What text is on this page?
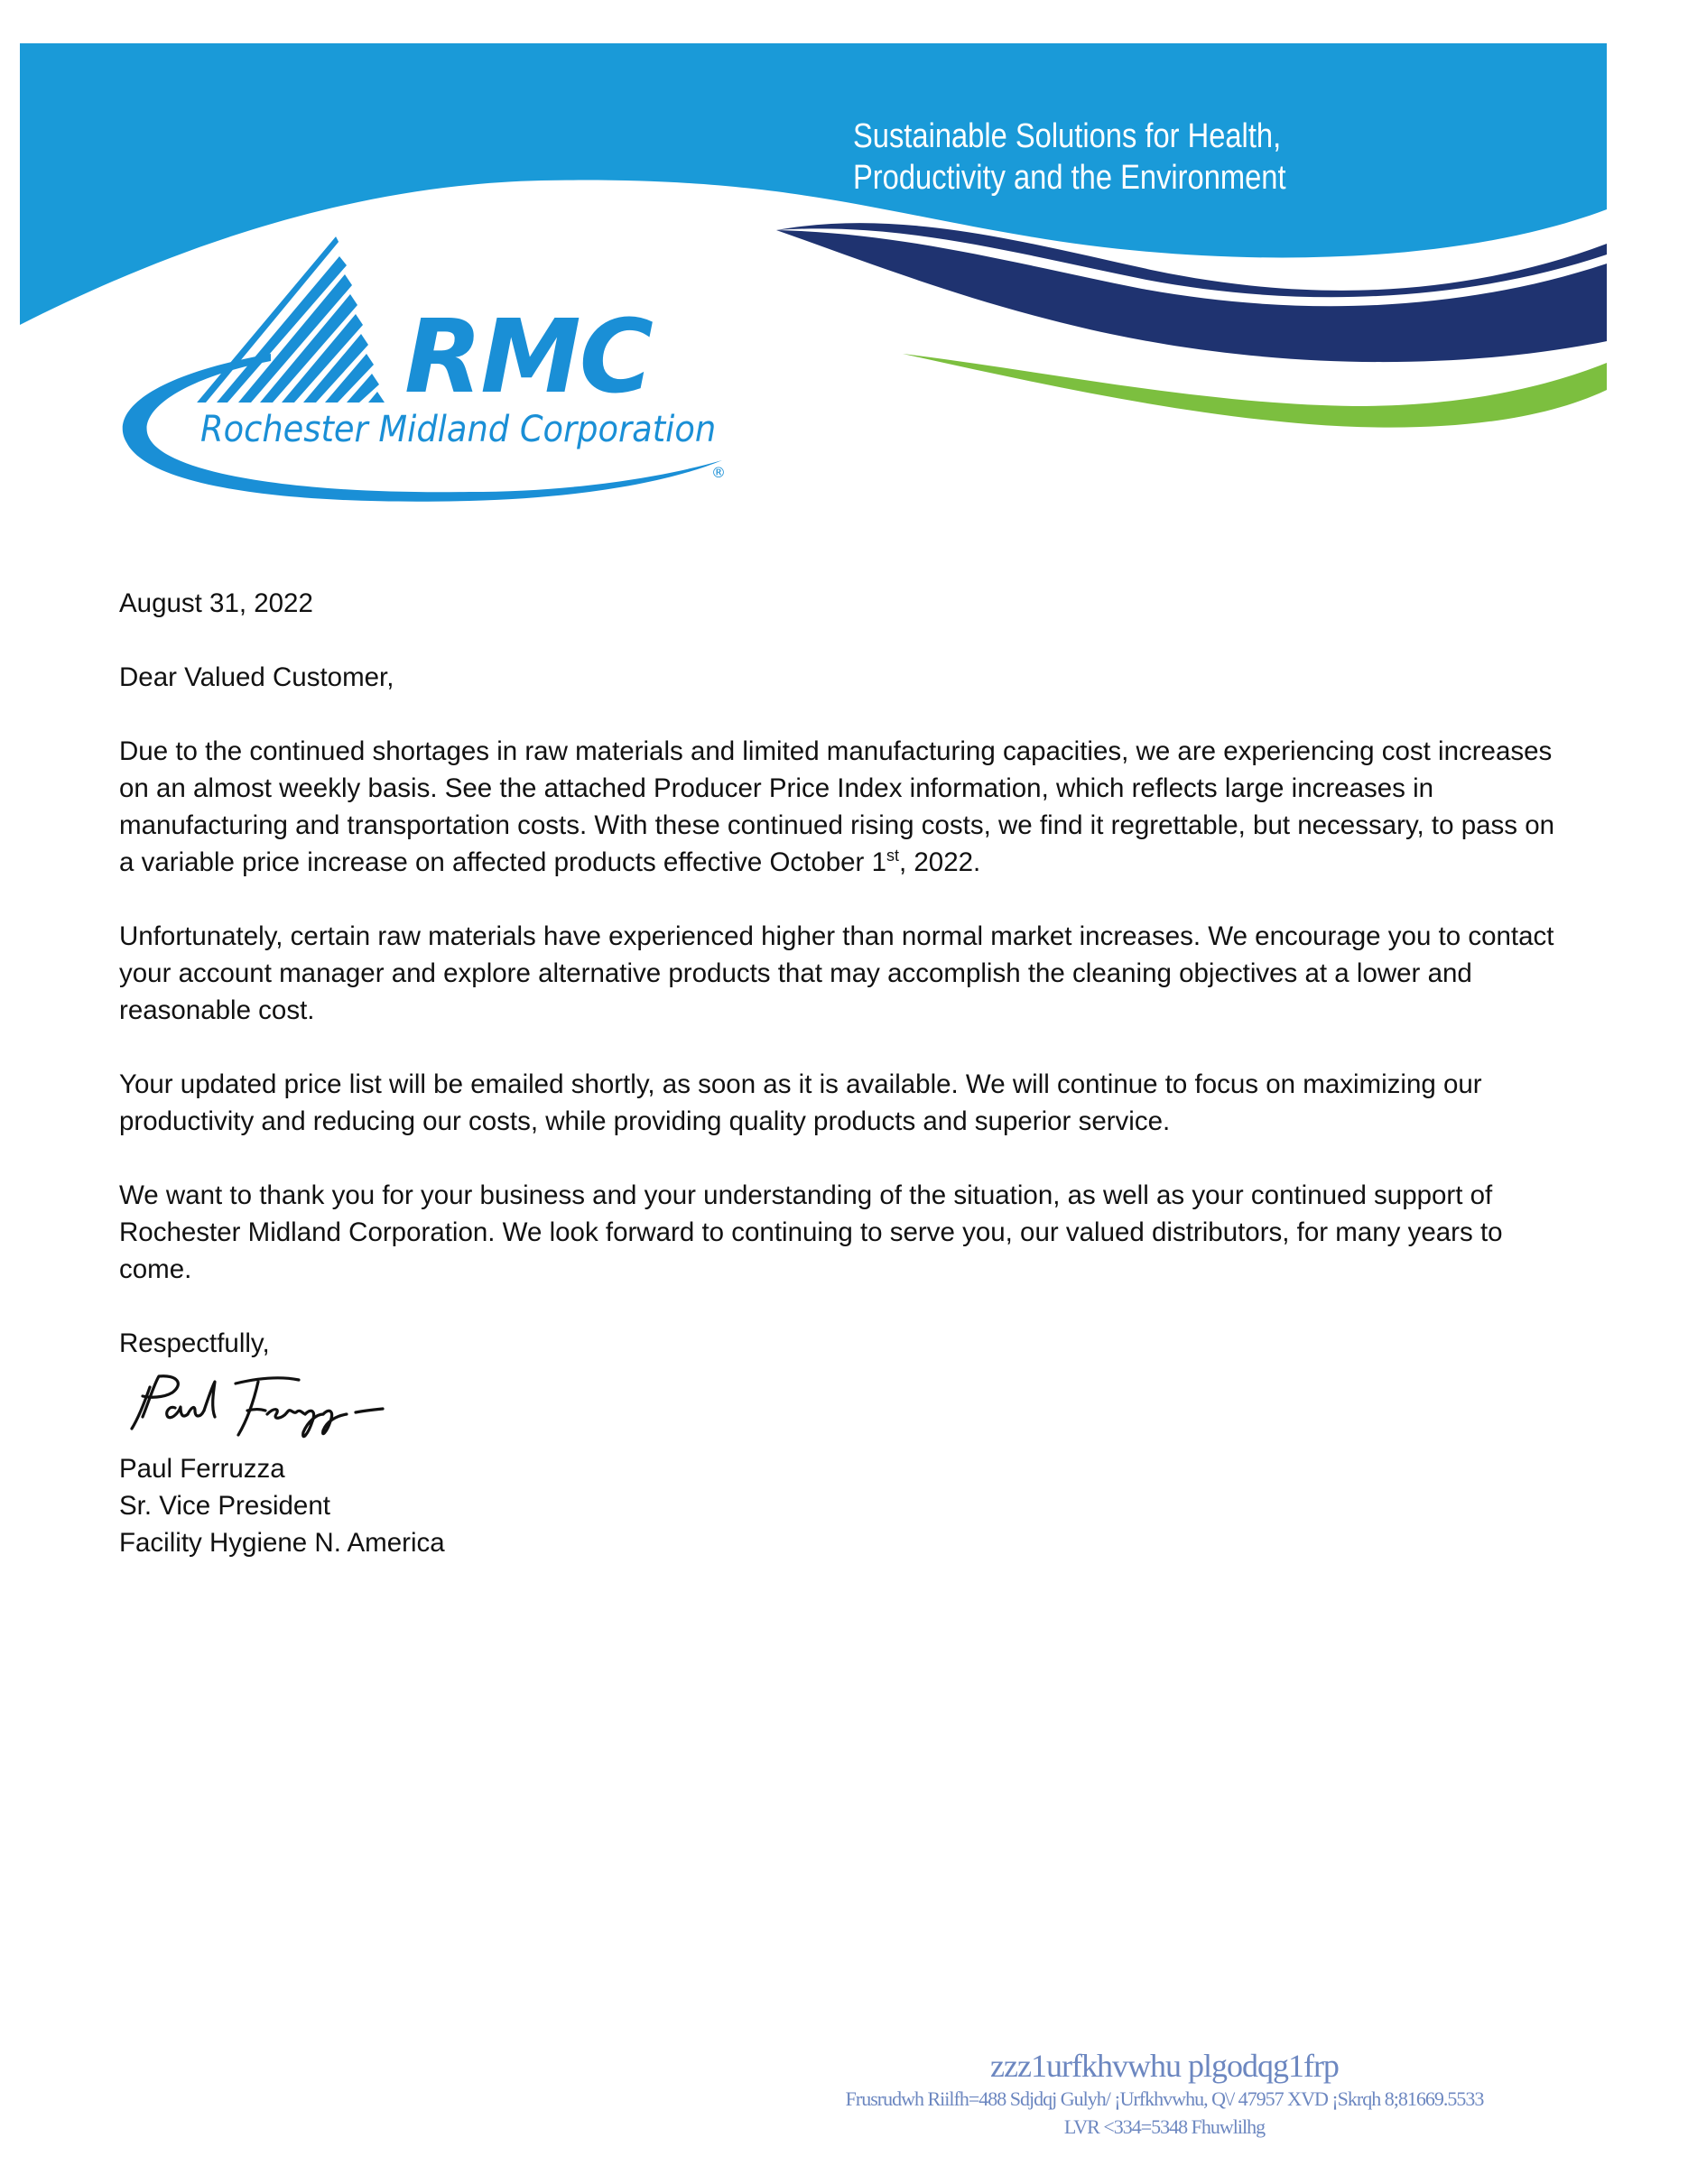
RMC
Rochester Midland Corporation
®
Sustainable Solutions for Health,
Productivity and the Environment

August 31, 2022

Dear Valued Customer,

Due to the continued shortages in raw materials and limited manufacturing capacities, we are experiencing cost increases on an almost weekly basis. See the attached Producer Price Index information, which reflects large increases in manufacturing and transportation costs. With these continued rising costs, we find it regrettable, but necessary, to pass on a variable price increase on affected products effective October 1st, 2022.

Unfortunately, certain raw materials have experienced higher than normal market increases. We encourage you to contact your account manager and explore alternative products that may accomplish the cleaning objectives at a lower and reasonable cost.

Your updated price list will be emailed shortly, as soon as it is available. We will continue to focus on maximizing our productivity and reducing our costs, while providing quality products and superior service.

We want to thank you for your business and your understanding of the situation, as well as your continued support of Rochester Midland Corporation. We look forward to continuing to serve you, our valued distributors, for many years to come.

Respectfully,

Paul Ferruzza
Sr. Vice President
Facility Hygiene N. America
zzz1urfkhvwhu plgodqg1frp
Frusrudwh Riilfh=488 Sdjdqj Gulyh/ ¡Urfkhvwhu, Q\/ 47957 XVD ¡Skrqh 8;81669.5533
LVR <334=5348 Fhuwlilhg
